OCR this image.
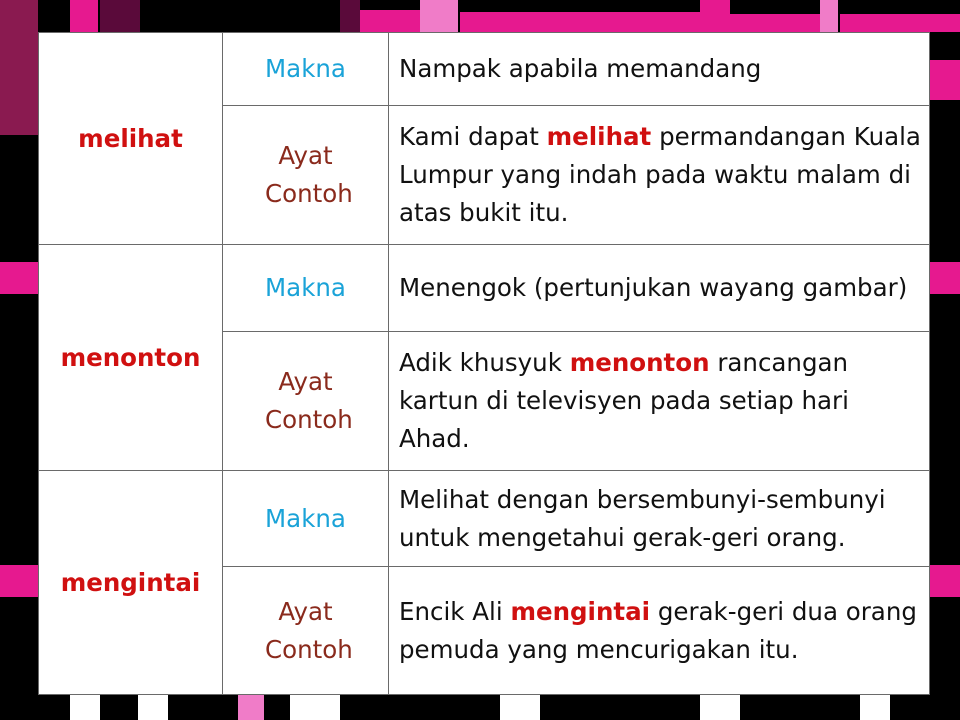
melihat	Makna	Nampak apabila memandang
	Ayat Contoh	Kami dapat melihat permandangan Kuala Lumpur yang indah pada waktu malam di atas bukit itu.
menonton	Makna	Menengok (pertunjukan wayang gambar)
	Ayat Contoh	Adik khusyuk menonton rancangan kartun di televisyen pada setiap hari Ahad.
mengintai	Makna	Melihat dengan bersembunyi-sembunyi untuk mengetahui gerak-geri orang.
	Ayat Contoh	Encik Ali mengintai gerak-geri dua orang pemuda yang mencurigakan itu.
